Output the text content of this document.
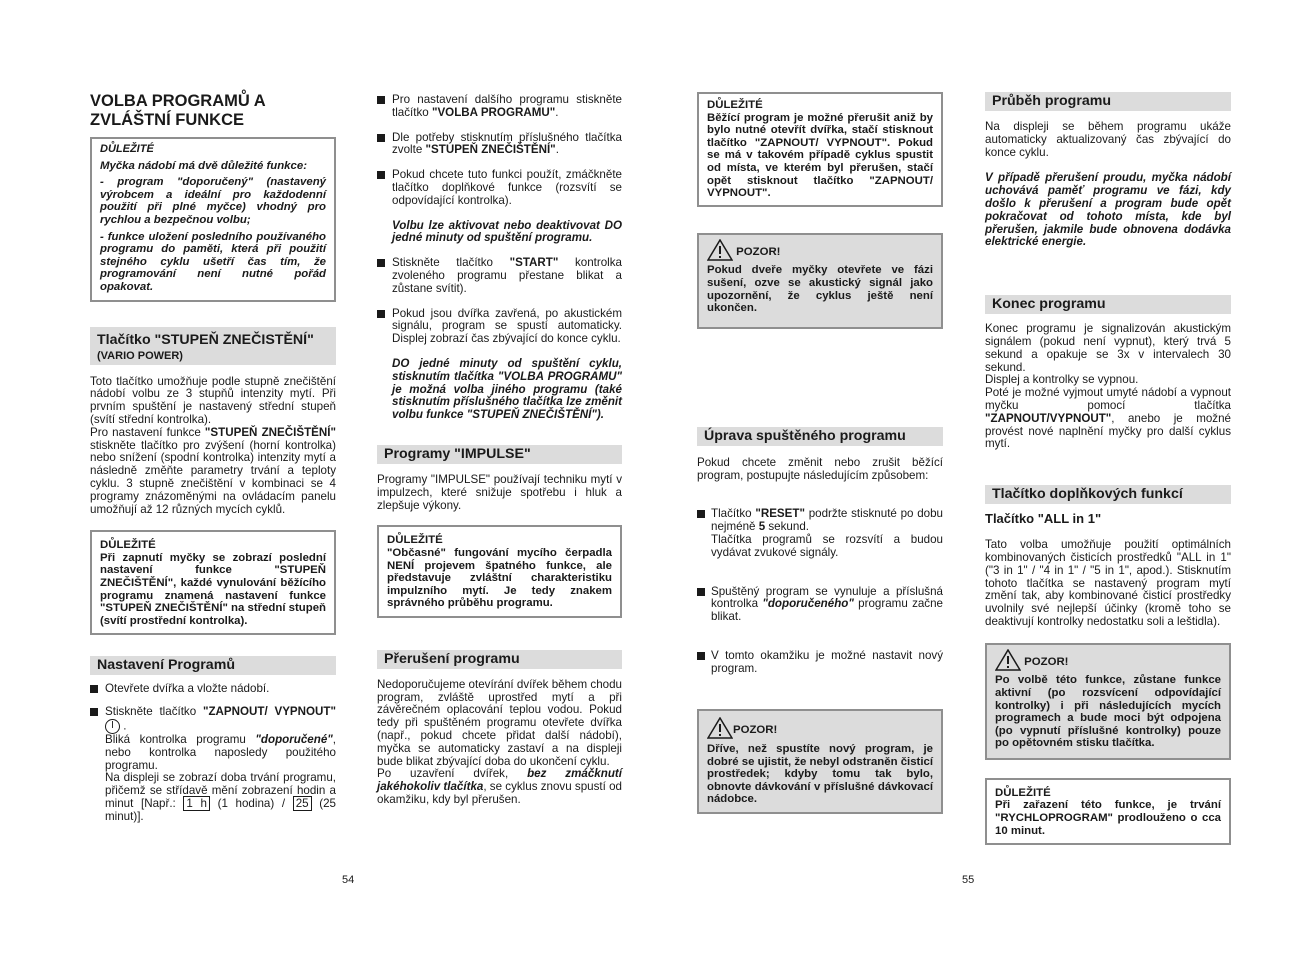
VOLBA PROGRAMŮ A ZVLÁŠTNÍ FUNKCE

DŮLEŽITÉ

Myčka nádobí má dvě důležité funkce:

- program "doporučený" (nastavený výrobcem a ideální pro každodenní použití při plné myčce) vhodný pro rychlou a bezpečnou volbu;

- funkce uložení posledního používaného programu do paměti, která při použití stejného cyklu ušetří čas tím, že programování není nutné pořád opakovat.

Tlačítko "STUPEŇ ZNEČISTĚNÍ"
(VARIO POWER)

Toto tlačítko umožňuje podle stupně znečištění nádobí volbu ze 3 stupňů intenzity mytí. Při prvním spuštění je nastavený střední stupeň (svítí střední kontrolka).

Pro nastavení funkce "STUPEŇ ZNEČIŠTĚNÍ" stiskněte tlačítko pro zvýšení (horní kontrolka) nebo snížení (spodní kontrolka) intenzity mytí a následně změňte parametry trvání a teploty cyklu. 3 stupně znečištění v kombinaci se 4 programy znázoměnými na ovládacím panelu umožňují až 12 různých mycích cyklů.

DŮLEŽITÉ

Při zapnutí myčky se zobrazí poslední nastavení funkce "STUPEŇ ZNEČIŠTĚNÍ", každé vynulování běžícího programu znamená nastavení funkce "STUPEŇ ZNEČIŠTĚNÍ" na střední stupeň (svítí prostřední kontrolka).

Nastavení Programů

Otevřete dvířka a vložte nádobí.

Stiskněte tlačítko "ZAPNOUT/ VYPNOUT" I .

Bliká kontrolka programu "doporučené", nebo kontrolka naposledy použitého programu.

Na displeji se zobrazí doba trvání programu, přičemž se střídavě mění zobrazení hodin a minut [Např.: 1 h (1 hodina) / 25 (25 minut)].

54

Pro nastavení dalšího programu stiskněte tlačítko "VOLBA PROGRAMU".

Dle potřeby stisknutím příslušného tlačítka zvolte "STUPEŇ ZNEČIŠTĚNÍ".

Pokud chcete tuto funkci použít, zmáčkněte tlačítko doplňkové funkce (rozsvítí se odpovídající kontrolka).

Volbu lze aktivovat nebo deaktivovat DO jedné minuty od spuštění programu.

Stiskněte tlačítko "START" kontrolka zvoleného programu přestane blikat a zůstane svítit).

Pokud jsou dvířka zavřená, po akustickém signálu, program se spustí automaticky. Displej zobrazí čas zbývající do konce cyklu.

DO jedné minuty od spuštění cyklu, stisknutím tlačítka "VOLBA PROGRAMU" je možná volba jiného programu (také stisknutím příslušného tlačítka lze změnit volbu funkce "STUPEŇ ZNEČIŠTĚNÍ").

Programy "IMPULSE"

Programy "IMPULSE" používají techniku mytí v impulzech, které snižuje spotřebu i hluk a zlepšuje výkony.

DŮLEŽITÉ

"Občasné" fungování mycího čerpadla NENÍ projevem špatného funkce, ale představuje zvláštní charakteristiku impulzního mytí. Je tedy znakem správného průběhu programu.

Přerušení programu

Nedoporučujeme otevírání dvířek během chodu program, zvláště uprostřed mytí a při závěrečném oplacování teplou vodou. Pokud tedy při spuštěném programu otevřete dvířka (např., pokud chcete přidat další nádobí), myčka se automaticky zastaví a na displeji bude blikat zbývající doba do ukončení cyklu.

Po uzavření dvířek, bez zmáčknutí jakéhokoliv tlačítka, se cyklus znovu spustí od okamžiku, kdy byl přerušen.

DŮLEŽITÉ

Běžící program je možné přerušit aniž by bylo nutné otevřít dvířka, stačí stisknout tlačítko "ZAPNOUT/ VYPNOUT". Pokud se má v takovém případě cyklus spustit od místa, ve kterém byl přerušen, stačí opět stisknout tlačítko "ZAPNOUT/ VYPNOUT".

POZOR!

Pokud dveře myčky otevřete ve fázi sušení, ozve se akustický signál jako upozornění, že cyklus ještě není ukončen.

Úprava spuštěného programu

Pokud chcete změnit nebo zrušit běžící program, postupujte následujícím způsobem:

Tlačítko "RESET" podržte stisknuté po dobu nejméně 5 sekund.

Tlačítka programů se rozsvítí a budou vydávat zvukové signály.

Spuštěný program se vynuluje a příslušná kontrolka "doporučeného" programu začne blikat.

V tomto okamžiku je možné nastavit nový program.

POZOR!

Dříve, než spustíte nový program, je dobré se ujistit, že nebyl odstraněn čisticí prostředek; kdyby tomu tak bylo, obnovte dávkování v příslušné dávkovací nádobce.

55
Průběh programu

Na displeji se během programu ukáže automaticky aktualizovaný čas zbývající do konce cyklu.

V případě přerušení proudu, myčka nádobí uchovává paměť programu ve fázi, kdy došlo k přerušení a program bude opět pokračovat od tohoto místa, kde byl přerušen, jakmile bude obnovena dodávka elektrické energie.

Konec programu

Konec programu je signalizován akustickým signálem (pokud není vypnut), který trvá 5 sekund a opakuje se 3x v intervalech 30 sekund.

Displej a kontrolky se vypnou.

Poté je možné vyjmout umyté nádobí a vypnout myčku pomocí tlačítka "ZAPNOUT/VYPNOUT", anebo je možné provést nové naplnění myčky pro další cyklus mytí.

Tlačítko doplňkových funkcí

Tlačítko "ALL in 1"

Tato volba umožňuje použití optimálních kombinovaných čisticích prostředků "ALL in 1" ("3 in 1" / "4 in 1" / "5 in 1", apod.). Stisknutím tohoto tlačítka se nastavený program mytí změní tak, aby kombinované čisticí prostředky uvolnily své nejlepší účinky (kromě toho se deaktivují kontrolky nedostatku soli a leštidla).

POZOR!

Po volbě této funkce, zůstane funkce aktivní (po rozsvícení odpovídající kontrolky) i při následujících mycích programech a bude moci být odpojena (po vypnutí příslušné kontrolky) pouze po opětovném stisku tlačítka.

DŮLEŽITÉ

Při zařazení této funkce, je trvání "RYCHLOPROGRAM" prodlouženo o cca 10 minut.
